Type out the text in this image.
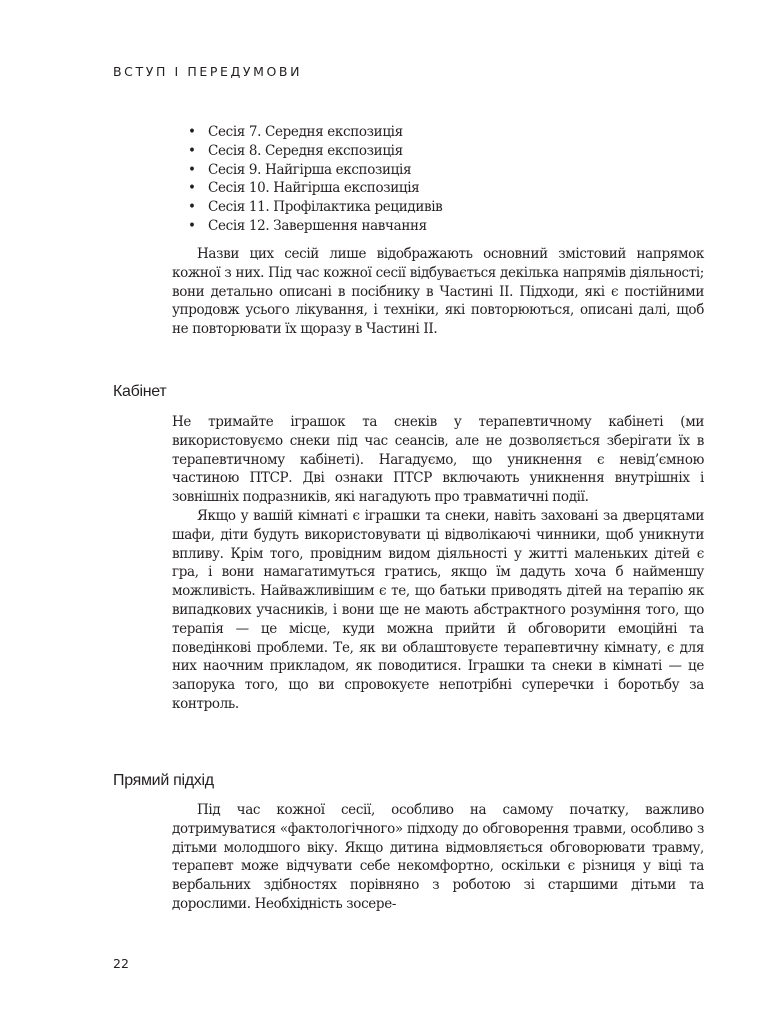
ВСТУП І ПЕРЕДУМОВИ
• Сесія 7. Середня експозиція
• Сесія 8. Середня експозиція
• Сесія 9. Найгірша експозиція
• Сесія 10. Найгірша експозиція
• Сесія 11. Профілактика рецидивів
• Сесія 12. Завершення навчання

Назви цих сесій лише відображають основний змістовий напрямок кожної з них. Під час кожної сесії відбувається декілька напрямів діяльності; вони детально описані в посібнику в Частині ІІ. Підходи, які є постійними упродовж усього лікування, і техніки, які повторюються, описані далі, щоб не повторювати їх щоразу в Частині ІІ.

Кабінет

Не тримайте іграшок та снеків у терапевтичному кабінеті (ми використовуємо снеки під час сеансів, але не дозволяється зберігати їх в терапевтичному кабінеті). Нагадуємо, що уникнення є невід’ємною частиною ПТСР. Дві ознаки ПТСР включають уникнення внутрішніх і зовнішніх подразників, які нагадують про травматичні події.

Якщо у вашій кімнаті є іграшки та снеки, навіть заховані за дверцятами шафи, діти будуть використовувати ці відволікаючі чинники, щоб уникнути впливу. Крім того, провідним видом діяльності у житті маленьких дітей є гра, і вони намагатимуться гратись, якщо їм дадуть хоча б найменшу можливість. Найважливішим є те, що батьки приводять дітей на терапію як випадкових учасників, і вони ще не мають абстрактного розуміння того, що терапія — це місце, куди можна прийти й обговорити емоційні та поведінкові проблеми. Те, як ви облаштовуєте терапевтичну кімнату, є для них наочним прикладом, як поводитися. Іграшки та снеки в кімнаті — це запорука того, що ви спровокуєте непотрібні суперечки і боротьбу за контроль.

Прямий підхід

Під час кожної сесії, особливо на самому початку, важливо дотримуватися «фактологічного» підходу до обговорення травми, особливо з дітьми молодшого віку. Якщо дитина відмовляється обговорювати травму, терапевт може відчувати себе некомфортно, оскільки є різниця у віці та вербальних здібностях порівняно з роботою зі старшими дітьми та дорослими. Необхідність зосере-

22
